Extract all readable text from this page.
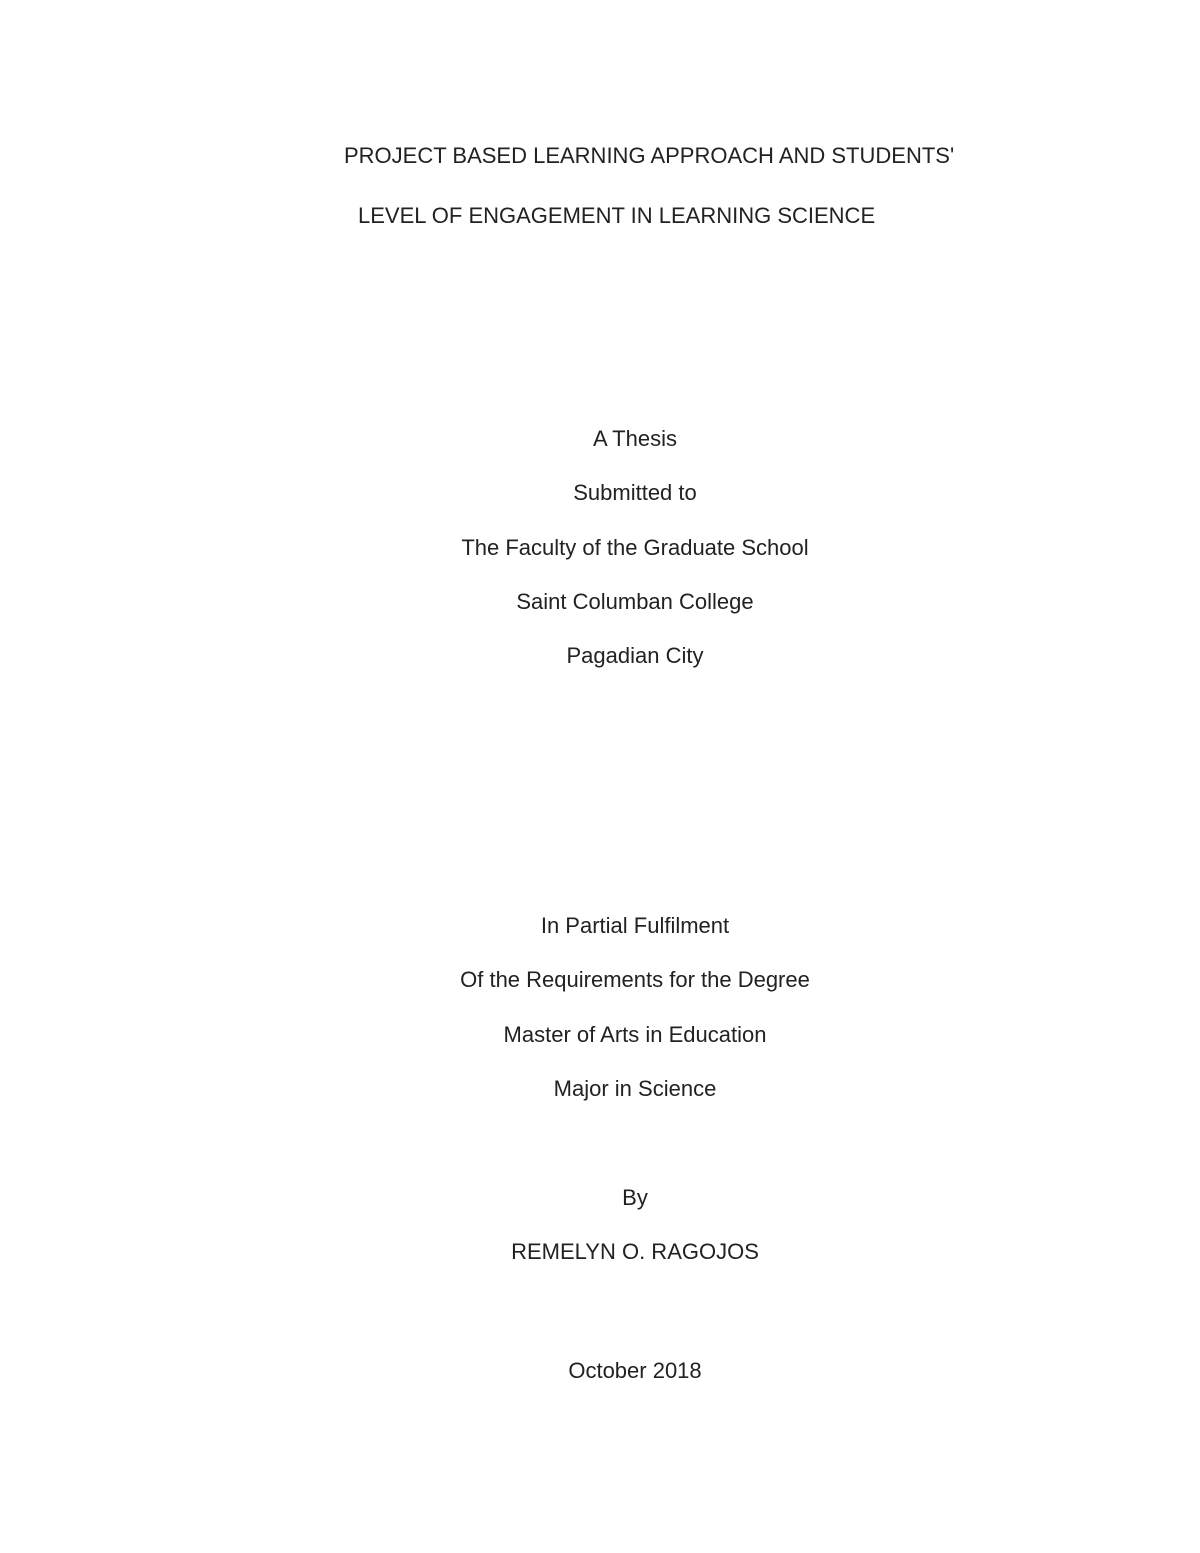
PROJECT BASED LEARNING APPROACH AND STUDENTS'
LEVEL OF ENGAGEMENT IN LEARNING SCIENCE
A Thesis
Submitted to
The Faculty of the Graduate School
Saint Columban College
Pagadian City
In Partial Fulfilment
Of the Requirements for the Degree
Master of Arts in Education
Major in Science
By
REMELYN O. RAGOJOS
October 2018
